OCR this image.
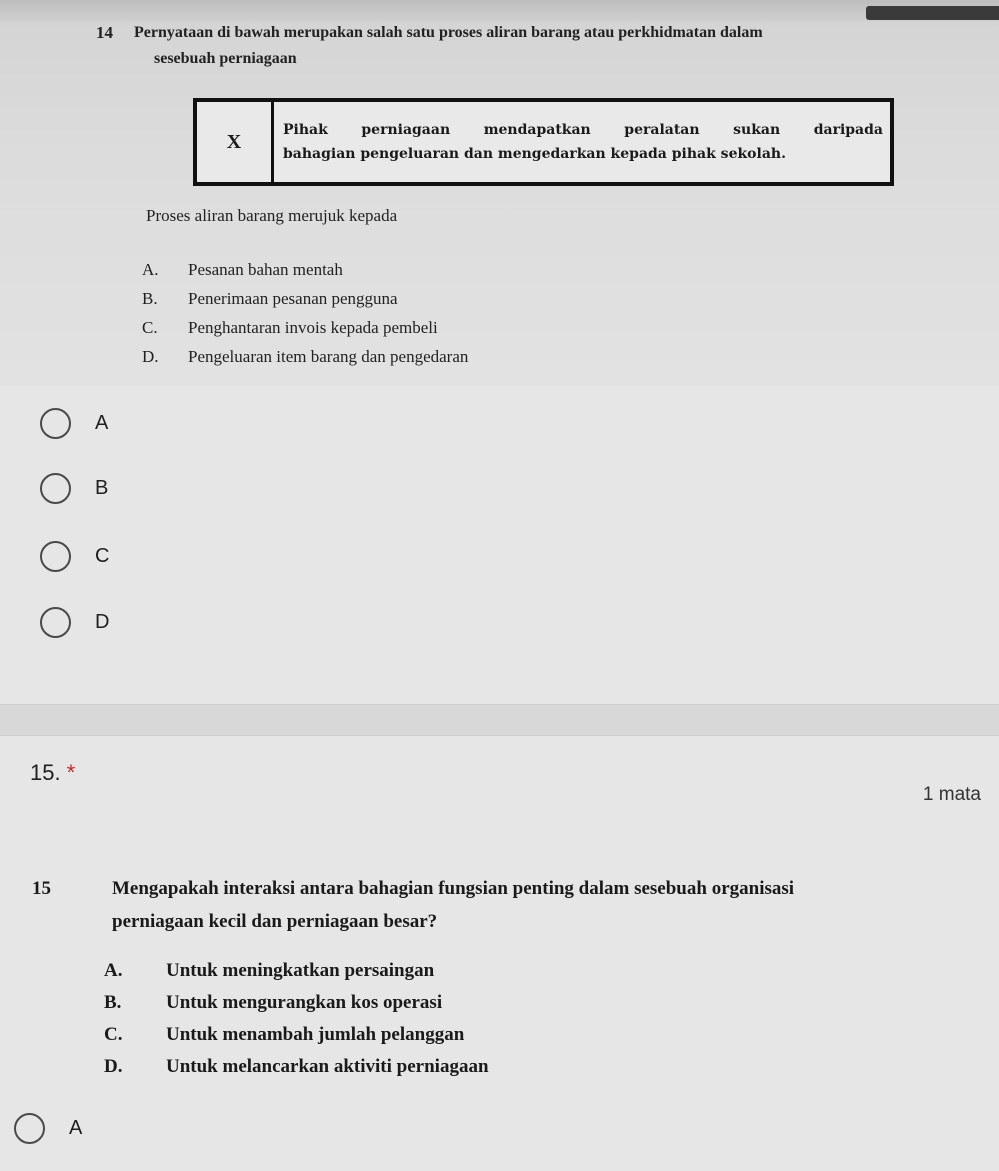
14 Pernyataan di bawah merupakan salah satu proses aliran barang atau perkhidmatan dalam
sesebuah perniagaan
X
Pihak perniagaan mendapatkan peralatan sukan daripada
bahagian pengeluaran dan mengedarkan kepada pihak sekolah.
Proses aliran barang merujuk kepada
A.	Pesanan bahan mentah
B.	Penerimaan pesanan pengguna
C.	Penghantaran invois kepada pembeli
D.	Pengeluaran item barang dan pengedaran
A
B
C
D
15. *
1 mata
15	Mengapakah interaksi antara bahagian fungsian penting dalam sesebuah organisasi
perniagaan kecil dan perniagaan besar?
A.	Untuk meningkatkan persaingan
B.	Untuk mengurangkan kos operasi
C.	Untuk menambah jumlah pelanggan
D.	Untuk melancarkan aktiviti perniagaan
A
